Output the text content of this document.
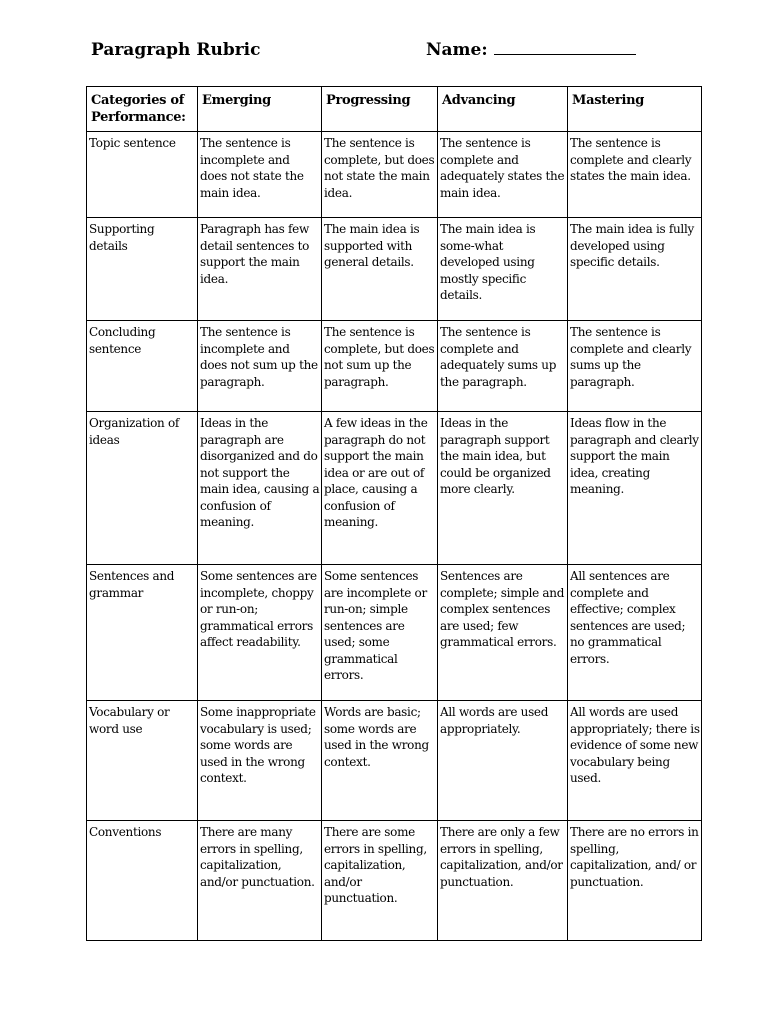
Paragraph Rubric	Name:
Categories of Performance:	Emerging	Progressing	Advancing	Mastering
Topic sentence	The sentence is incomplete and does not state the main idea.	The sentence is complete, but does not state the main idea.	The sentence is complete and adequately states the main idea.	The sentence is complete and clearly states the main idea.
Supporting details	Paragraph has few detail sentences to support the main idea.	The main idea is supported with general details.	The main idea is some-what developed using mostly specific details.	The main idea is fully developed using specific details.
Concluding sentence	The sentence is incomplete and does not sum up the paragraph.	The sentence is complete, but does not sum up the paragraph.	The sentence is complete and adequately sums up the paragraph.	The sentence is complete and clearly sums up the paragraph.
Organization of ideas	Ideas in the paragraph are disorganized and do not support the main idea, causing a confusion of meaning.	A few ideas in the paragraph do not support the main idea or are out of place, causing a confusion of meaning.	Ideas in the paragraph support the main idea, but could be organized more clearly.	Ideas flow in the paragraph and clearly support the main idea, creating meaning.
Sentences and grammar	Some sentences are incomplete, choppy or run-on; grammatical errors affect readability.	Some sentences are incomplete or run-on; simple sentences are used; some grammatical errors.	Sentences are complete; simple and complex sentences are used; few grammatical errors.	All sentences are complete and effective; complex sentences are used; no grammatical errors.
Vocabulary or word use	Some inappropriate vocabulary is used; some words are used in the wrong context.	Words are basic; some words are used in the wrong context.	All words are used appropriately.	All words are used appropriately; there is evidence of some new vocabulary being used.
Conventions	There are many errors in spelling, capitalization, and/or punctuation.	There are some errors in spelling, capitalization, and/or punctuation.	There are only a few errors in spelling, capitalization, and/or punctuation.	There are no errors in spelling, capitalization, and/ or punctuation.
